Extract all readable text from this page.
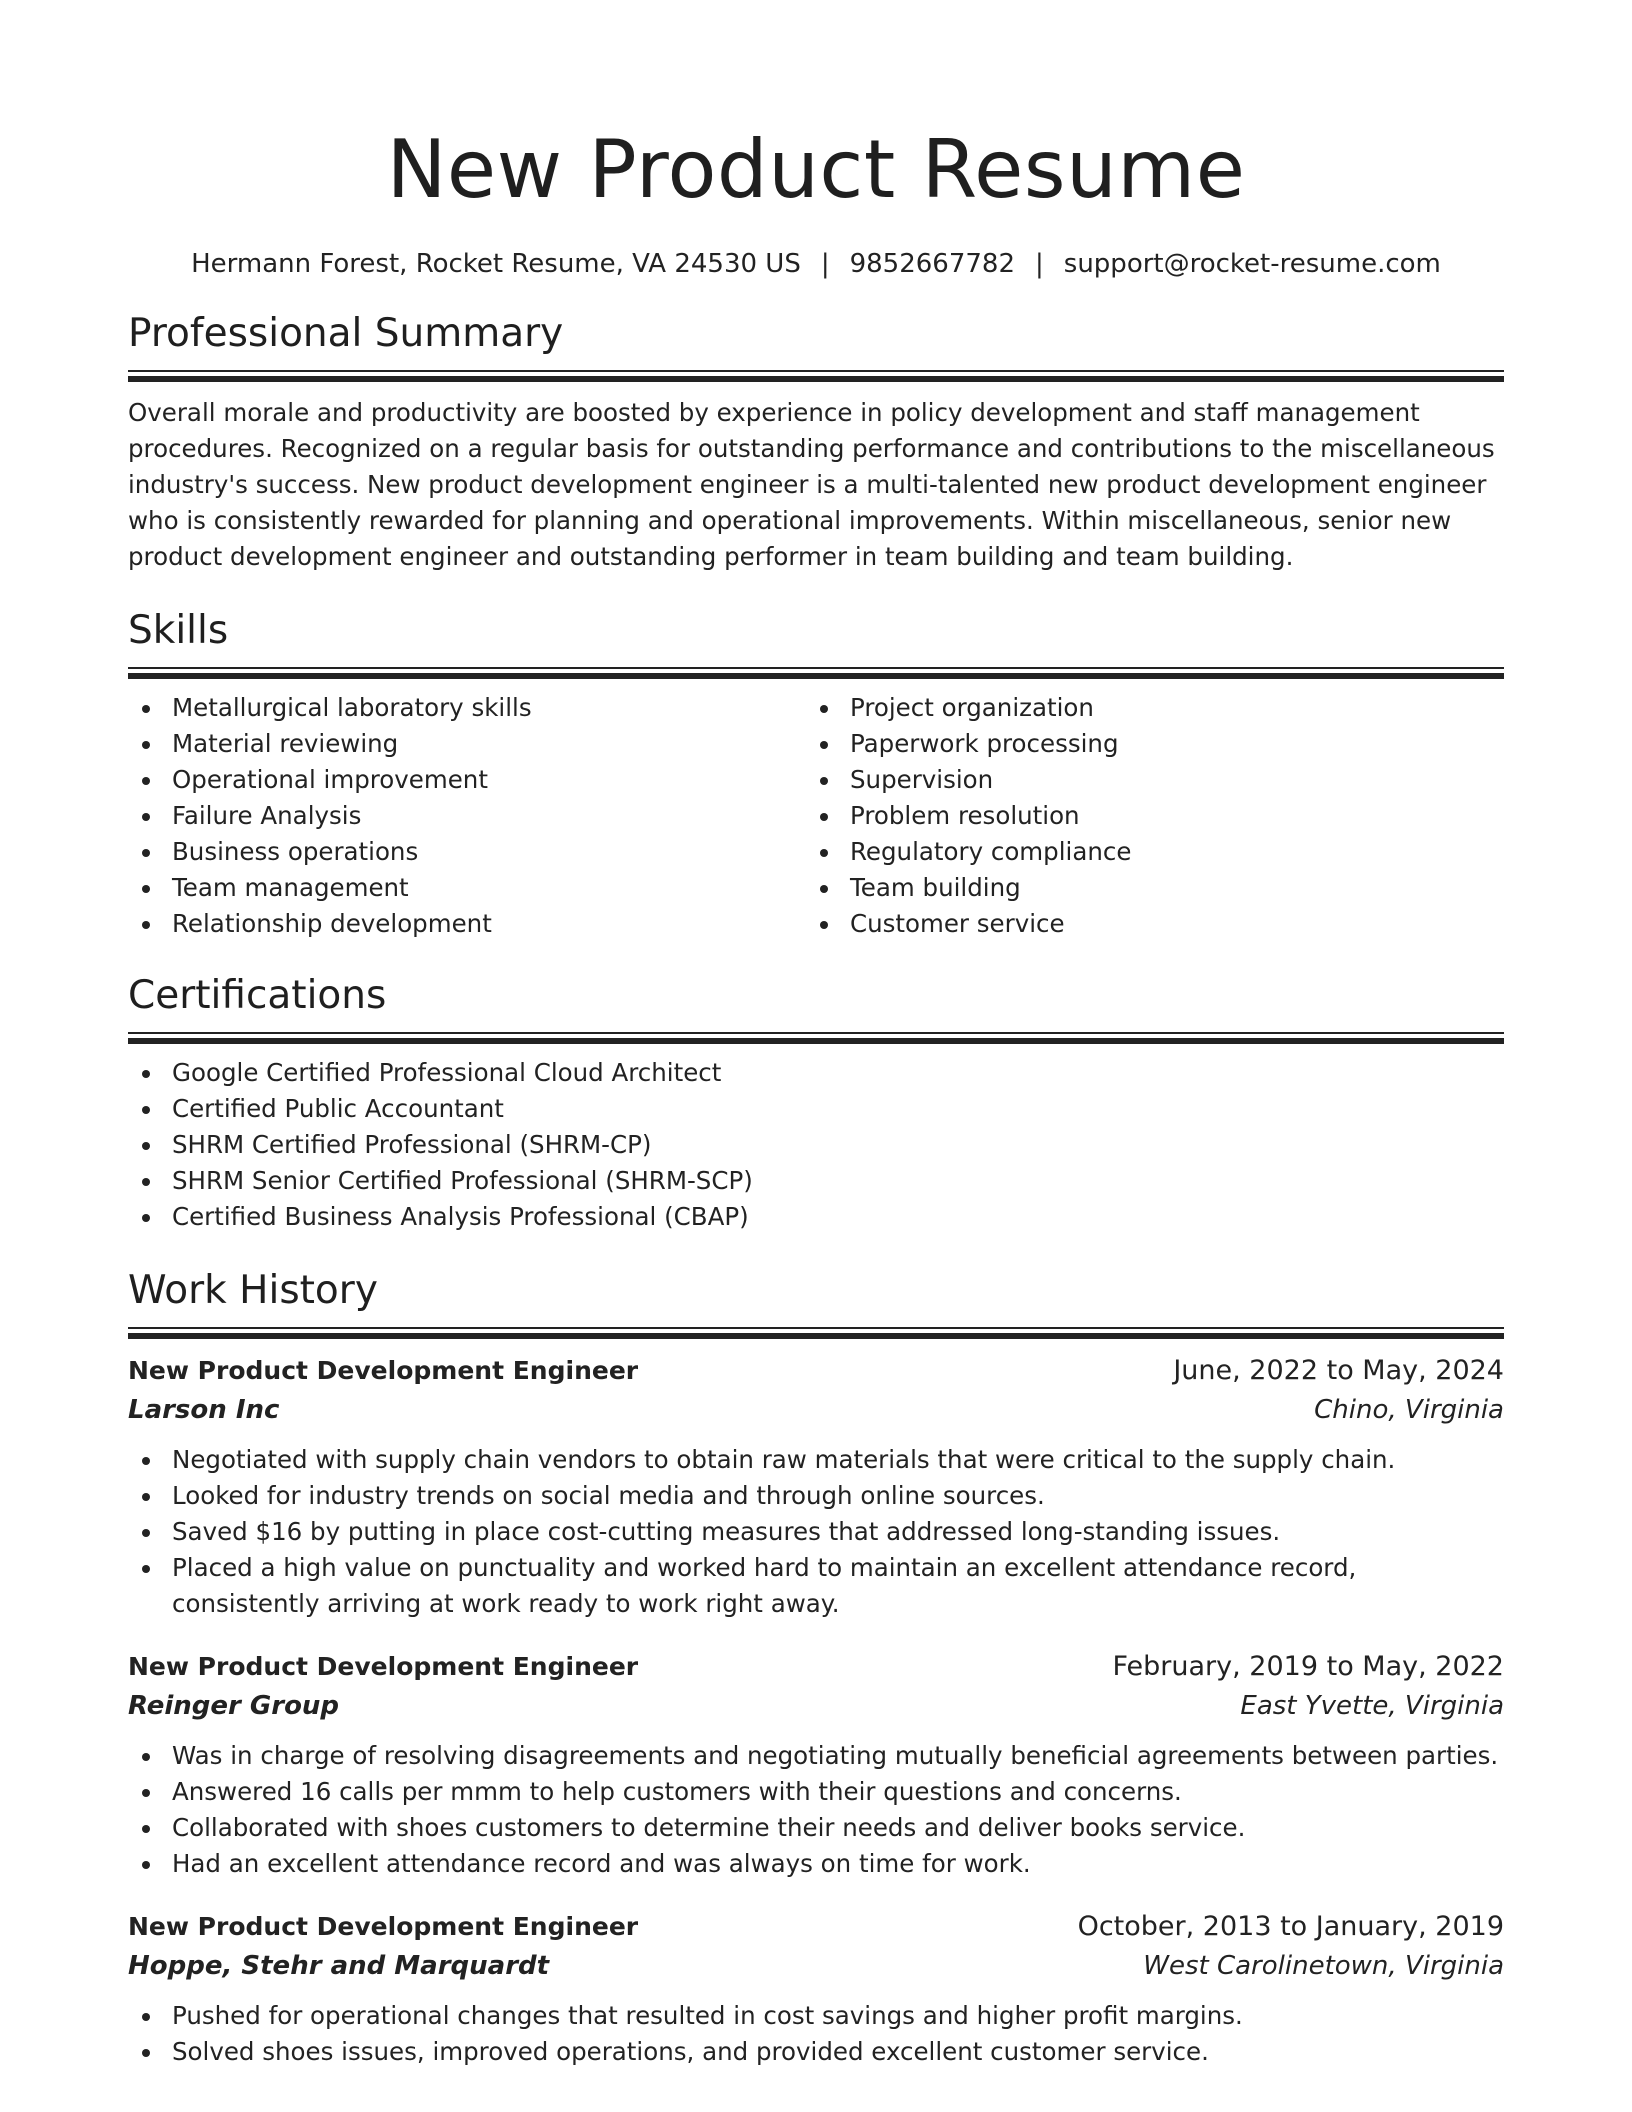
New Product Resume
Hermann Forest, Rocket Resume, VA 24530 US | 9852667782 | support@rocket-resume.com
Professional Summary

Overall morale and productivity are boosted by experience in policy development and staff management procedures. Recognized on a regular basis for outstanding performance and contributions to the miscellaneous industry's success. New product development engineer is a multi-talented new product development engineer who is consistently rewarded for planning and operational improvements. Within miscellaneous, senior new product development engineer and outstanding performer in team building and team building.

Skills
Metallurgical laboratory skills
Material reviewing
Operational improvement
Failure Analysis
Business operations
Team management
Relationship development
Project organization
Paperwork processing
Supervision
Problem resolution
Regulatory compliance
Team building
Customer service
Certifications
Google Certified Professional Cloud Architect
Certified Public Accountant
SHRM Certified Professional (SHRM-CP)
SHRM Senior Certified Professional (SHRM-SCP)
Certified Business Analysis Professional (CBAP)
Work History
New Product Development Engineer	June, 2022 to May, 2024
Larson Inc	Chino, Virginia
Negotiated with supply chain vendors to obtain raw materials that were critical to the supply chain.
Looked for industry trends on social media and through online sources.
Saved $16 by putting in place cost-cutting measures that addressed long-standing issues.
Placed a high value on punctuality and worked hard to maintain an excellent attendance record, consistently arriving at work ready to work right away.
New Product Development Engineer	February, 2019 to May, 2022
Reinger Group	East Yvette, Virginia
Was in charge of resolving disagreements and negotiating mutually beneficial agreements between parties.
Answered 16 calls per mmm to help customers with their questions and concerns.
Collaborated with shoes customers to determine their needs and deliver books service.
Had an excellent attendance record and was always on time for work.
New Product Development Engineer	October, 2013 to January, 2019
Hoppe, Stehr and Marquardt	West Carolinetown, Virginia
Pushed for operational changes that resulted in cost savings and higher profit margins.
Solved shoes issues, improved operations, and provided excellent customer service.
